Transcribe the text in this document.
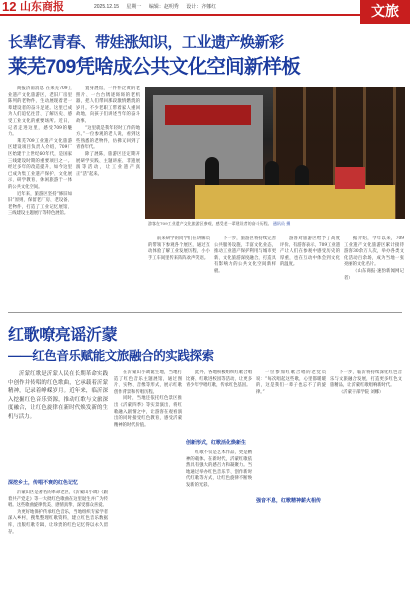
12 山东商报	2025.12.15 星期一 编辑：赵明秀 设计：齐娜红	文旅
长辈忆青春、带娃涨知识，工业遗产焕新彩
莱芜709凭啥成公共文化空间新样板

商报济南消息 在莱芜709工业遗产文化旅游区，老旧厂房里陈列的老物件，生动展现着老一辈建设者的奋斗足迹。这里已成为人们追忆往昔、了解历史、感受工业文化的重要场所。近日，记者走进这里，感受709的魅力。

莱芜709工业遗产文化旅游区建设项目负责人介绍，709厂区始建于上世纪60年代，是国家三线建设时期的重要项目之一。经过多年的改造提升，如今这里已成为集工业遗产保护、文化展示、研学教育、休闲旅游于一体的公共文化空间。

近年来，旅游区坚持“修旧如旧”原则，保留老厂房、老设备、老物件，打造了工业记忆展馆、三线建设主题展厅等特色展馆。

置身展馆，一件件泛黄的老照片、一台台锈迹斑斑的老机器，把人们带回那段激情燃烧的岁月。不少老职工带着家人重回故地，向孩子们讲述当年的奋斗故事。

“这里就是我年轻时工作的地方。”一位参观的老人说，看到这些熟悉的老物件，仿佛又回到了青春年代。

除了展陈，旅游区还定期开展研学实践、主题讲座、非遗展演等活动，让工业遗产真正“活”起来。

游客在709工业遗产文化旅游区参观，感受老一辈建设者的奋斗历程。 通讯员 摄

前来研学的同学们在讲解员的带领下参观各个展区，通过互动体验了解工业发展历程，小小手工车间里传来阵阵欢声笑语。

下一步，旅游区将持续完善公共服务设施，丰富文化业态，推动工业遗产保护利用与城市更新、文化旅游深度融合，打造具有影响力的公共文化空间新样板。

游客对旅游区给予了高度评价。有游客表示，709工业遗产让人们在参观中感受历史的厚重，也在互动中体会到文化的温度。

据介绍，今年以来，709工业遗产文化旅游区累计接待游客30余万人次，举办各类文化活动百余场，成为当地一张亮丽的文化名片。

（山东商报·速豹新闻网记者）

红歌嘹亮谣沂蒙
——红色音乐赋能文旅融合的实践探索

沂蒙红歌是沂蒙人民在长期革命实践中创作并传唱的红色歌曲，它承载着沂蒙精神，记录着峥嵘岁月。近年来，临沂深入挖掘红色音乐资源，推动红歌与文旅深度融合，让红色旋律在新时代焕发新的生机与活力。

深挖乡土，传唱不衰的红色记忆

沂蒙山区是著名的革命老区，《沂蒙山小调》《跟着共产党走》等一大批红色歌曲在这里诞生并广为传唱。这些歌曲旋律优美、感情真挚，深受群众喜爱。

为更好地保护传承红色音乐，当地组织专家学者深入乡村，搜集整理红歌资料，建立红色音乐数据库，出版红歌专辑，让珍贵的红色记忆得以永久留存。

在沂蒙山小调诞生地，当地打造了红色音乐主题展馆，通过图片、实物、音像等形式，展示红歌创作背景和传唱历程。

同时，当地还依托红色景区推出《沂蒙四季》等实景演出，将红歌融入剧情之中，让游客在观看演出的同时接受红色教育，感受沂蒙精神的时代价值。

创新形式，红歌活化焕新生

此外，各地积极组织红歌合唱比赛、红歌进校园等活动，让更多青少年学唱红歌，传承红色基因。

红歌不仅是艺术作品，更是精神的载体。在新时代，沂蒙红歌依然具有强大的感召力和凝聚力。当地通过举办红色音乐节、创作新时代红歌等方式，让红色旋律不断焕发新的光彩。

强音不息，红歌精神薪火相传

一位参加红歌合唱的老党员说：“每次唱起这些歌，心里都暖暖的，这是我们一辈子也忘不了的旋律。”

下一步，临沂将持续深化红色音乐与文旅融合发展，打造更多红色文旅精品，让沂蒙红歌唱响新时代。

（沂蒙干部学院 刘娜）
